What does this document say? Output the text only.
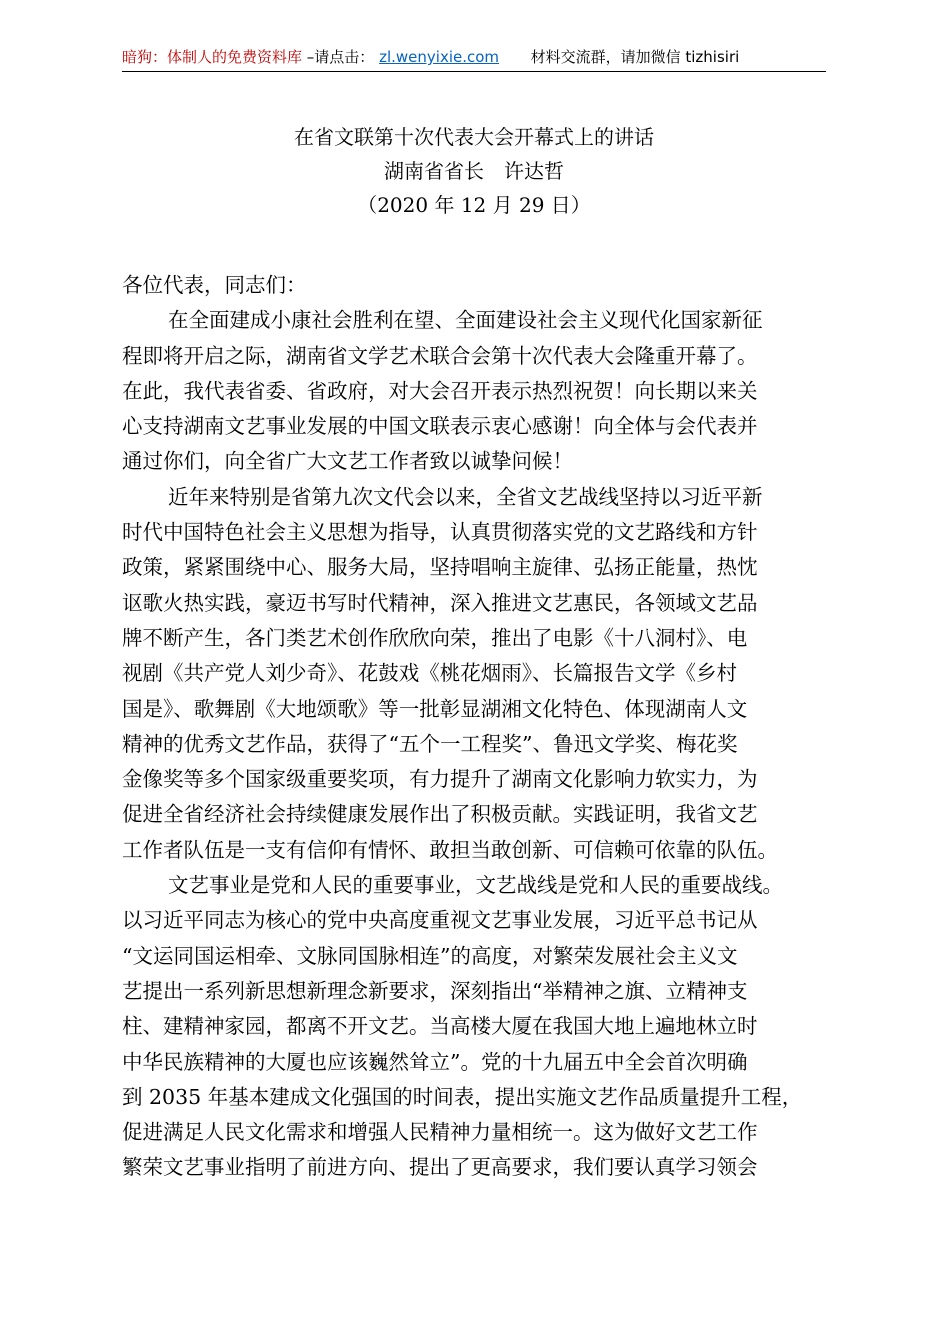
暗狗：体制人的免费资料库 –请点击： zl.wenyixie.com 材料交流群，请加微信 tizhisiri
在省文联第十次代表大会开幕式上的讲话
湖南省省长　许达哲
（2020 年 12 月 29 日）
各位代表，同志们：
在全面建成小康社会胜利在望、全面建设社会主义现代化国家新征
程即将开启之际，湖南省文学艺术联合会第十次代表大会隆重开幕了。
在此，我代表省委、省政府，对大会召开表示热烈祝贺！向长期以来关
心支持湖南文艺事业发展的中国文联表示衷心感谢！向全体与会代表并
通过你们，向全省广大文艺工作者致以诚挚问候！
近年来特别是省第九次文代会以来，全省文艺战线坚持以习近平新
时代中国特色社会主义思想为指导，认真贯彻落实党的文艺路线和方针
政策，紧紧围绕中心、服务大局，坚持唱响主旋律、弘扬正能量，热忱
讴歌火热实践，豪迈书写时代精神，深入推进文艺惠民，各领域文艺品
牌不断产生，各门类艺术创作欣欣向荣，推出了电影《十八洞村》、电
视剧《共产党人刘少奇》、花鼓戏《桃花烟雨》、长篇报告文学《乡村
国是》、歌舞剧《大地颂歌》等一批彰显湖湘文化特色、体现湖南人文
精神的优秀文艺作品，获得了“五个一工程奖”、鲁迅文学奖、梅花奖
金像奖等多个国家级重要奖项，有力提升了湖南文化影响力软实力，为
促进全省经济社会持续健康发展作出了积极贡献。实践证明，我省文艺
工作者队伍是一支有信仰有情怀、敢担当敢创新、可信赖可依靠的队伍。
文艺事业是党和人民的重要事业，文艺战线是党和人民的重要战线。
以习近平同志为核心的党中央高度重视文艺事业发展，习近平总书记从
“文运同国运相牵、文脉同国脉相连”的高度，对繁荣发展社会主义文
艺提出一系列新思想新理念新要求，深刻指出“举精神之旗、立精神支
柱、建精神家园，都离不开文艺。当高楼大厦在我国大地上遍地林立时
中华民族精神的大厦也应该巍然耸立”。党的十九届五中全会首次明确
到 2035 年基本建成文化强国的时间表，提出实施文艺作品质量提升工程，
促进满足人民文化需求和增强人民精神力量相统一。这为做好文艺工作
繁荣文艺事业指明了前进方向、提出了更高要求，我们要认真学习领会
